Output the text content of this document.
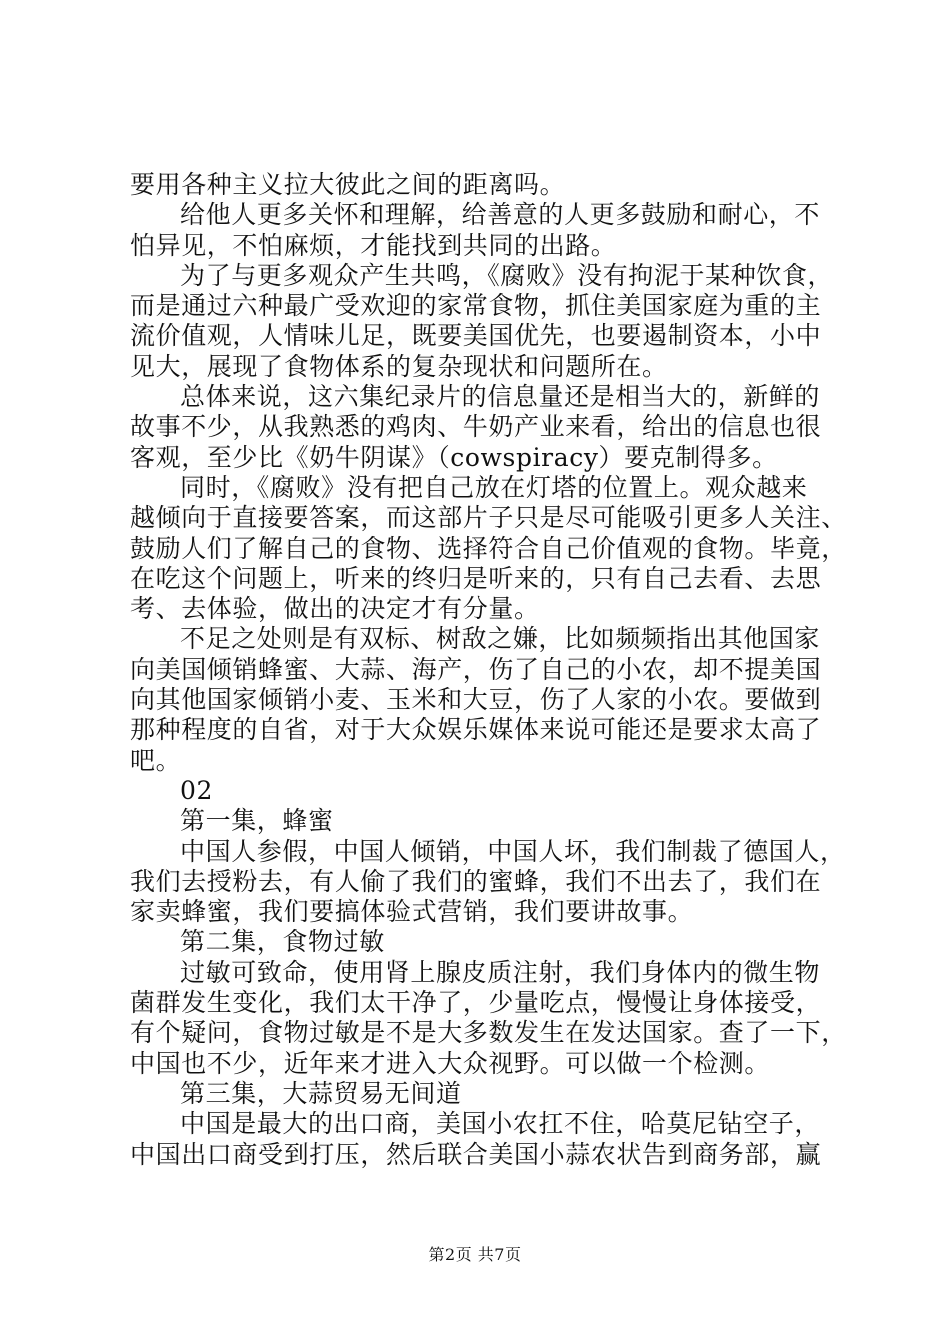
要用各种主义拉大彼此之间的距离吗。
给他人更多关怀和理解，给善意的人更多鼓励和耐心，不
怕异见，不怕麻烦，才能找到共同的出路。
为了与更多观众产生共鸣，《腐败》没有拘泥于某种饮食，
而是通过六种最广受欢迎的家常食物，抓住美国家庭为重的主
流价值观，人情味儿足，既要美国优先，也要遏制资本，小中
见大，展现了食物体系的复杂现状和问题所在。
总体来说，这六集纪录片的信息量还是相当大的，新鲜的
故事不少，从我熟悉的鸡肉、牛奶产业来看，给出的信息也很
客观，至少比《奶牛阴谋》（cowspiracy）要克制得多。
同时，《腐败》没有把自己放在灯塔的位置上。观众越来
越倾向于直接要答案，而这部片子只是尽可能吸引更多人关注、
鼓励人们了解自己的食物、选择符合自己价值观的食物。毕竟，
在吃这个问题上，听来的终归是听来的，只有自己去看、去思
考、去体验，做出的决定才有分量。
不足之处则是有双标、树敌之嫌，比如频频指出其他国家
向美国倾销蜂蜜、大蒜、海产，伤了自己的小农，却不提美国
向其他国家倾销小麦、玉米和大豆，伤了人家的小农。要做到
那种程度的自省，对于大众娱乐媒体来说可能还是要求太高了
吧。
02
第一集，蜂蜜
中国人参假，中国人倾销，中国人坏，我们制裁了德国人，
我们去授粉去，有人偷了我们的蜜蜂，我们不出去了，我们在
家卖蜂蜜，我们要搞体验式营销，我们要讲故事。
第二集，食物过敏
过敏可致命，使用肾上腺皮质注射，我们身体内的微生物
菌群发生变化，我们太干净了，少量吃点，慢慢让身体接受，
有个疑问，食物过敏是不是大多数发生在发达国家。查了一下，
中国也不少，近年来才进入大众视野。可以做一个检测。
第三集，大蒜贸易无间道
中国是最大的出口商，美国小农扛不住，哈莫尼钻空子，
中国出口商受到打压，然后联合美国小蒜农状告到商务部，赢
第2页 共7页
